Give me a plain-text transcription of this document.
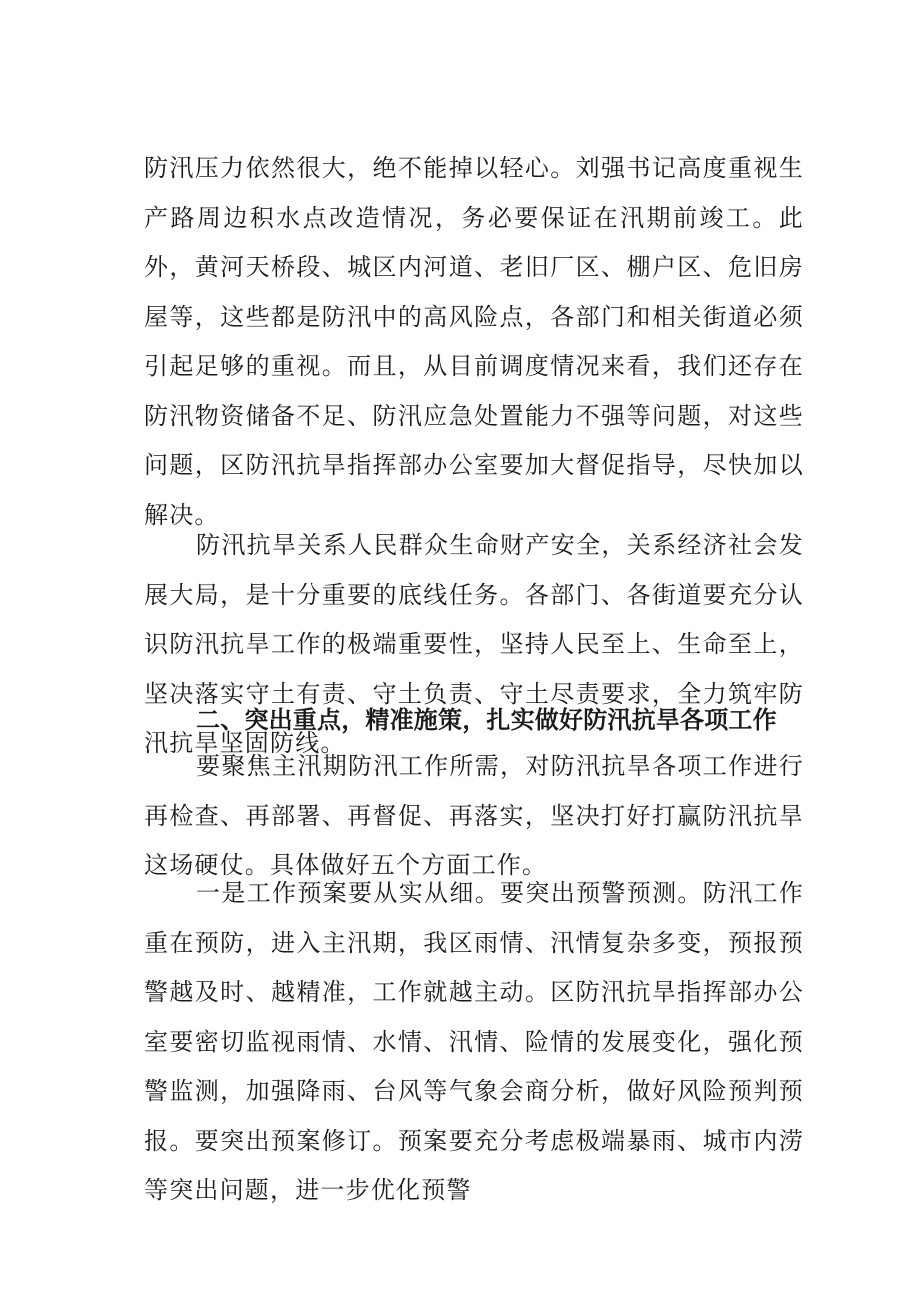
防汛压力依然很大，绝不能掉以轻心。刘强书记高度重视生产路周边积水点改造情况，务必要保证在汛期前竣工。此外，黄河天桥段、城区内河道、老旧厂区、棚户区、危旧房屋等，这些都是防汛中的高风险点，各部门和相关街道必须引起足够的重视。而且，从目前调度情况来看，我们还存在防汛物资储备不足、防汛应急处置能力不强等问题，对这些问题，区防汛抗旱指挥部办公室要加大督促指导，尽快加以解决。

防汛抗旱关系人民群众生命财产安全，关系经济社会发展大局，是十分重要的底线任务。各部门、各街道要充分认识防汛抗旱工作的极端重要性，坚持人民至上、生命至上，坚决落实守土有责、守土负责、守土尽责要求，全力筑牢防汛抗旱坚固防线。

二、突出重点，精准施策，扎实做好防汛抗旱各项工作

要聚焦主汛期防汛工作所需，对防汛抗旱各项工作进行再检查、再部署、再督促、再落实，坚决打好打赢防汛抗旱这场硬仗。具体做好五个方面工作。

一是工作预案要从实从细。要突出预警预测。防汛工作重在预防，进入主汛期，我区雨情、汛情复杂多变，预报预警越及时、越精准，工作就越主动。区防汛抗旱指挥部办公室要密切监视雨情、水情、汛情、险情的发展变化，强化预警监测，加强降雨、台风等气象会商分析，做好风险预判预报。要突出预案修订。预案要充分考虑极端暴雨、城市内涝等突出问题，进一步优化预警
